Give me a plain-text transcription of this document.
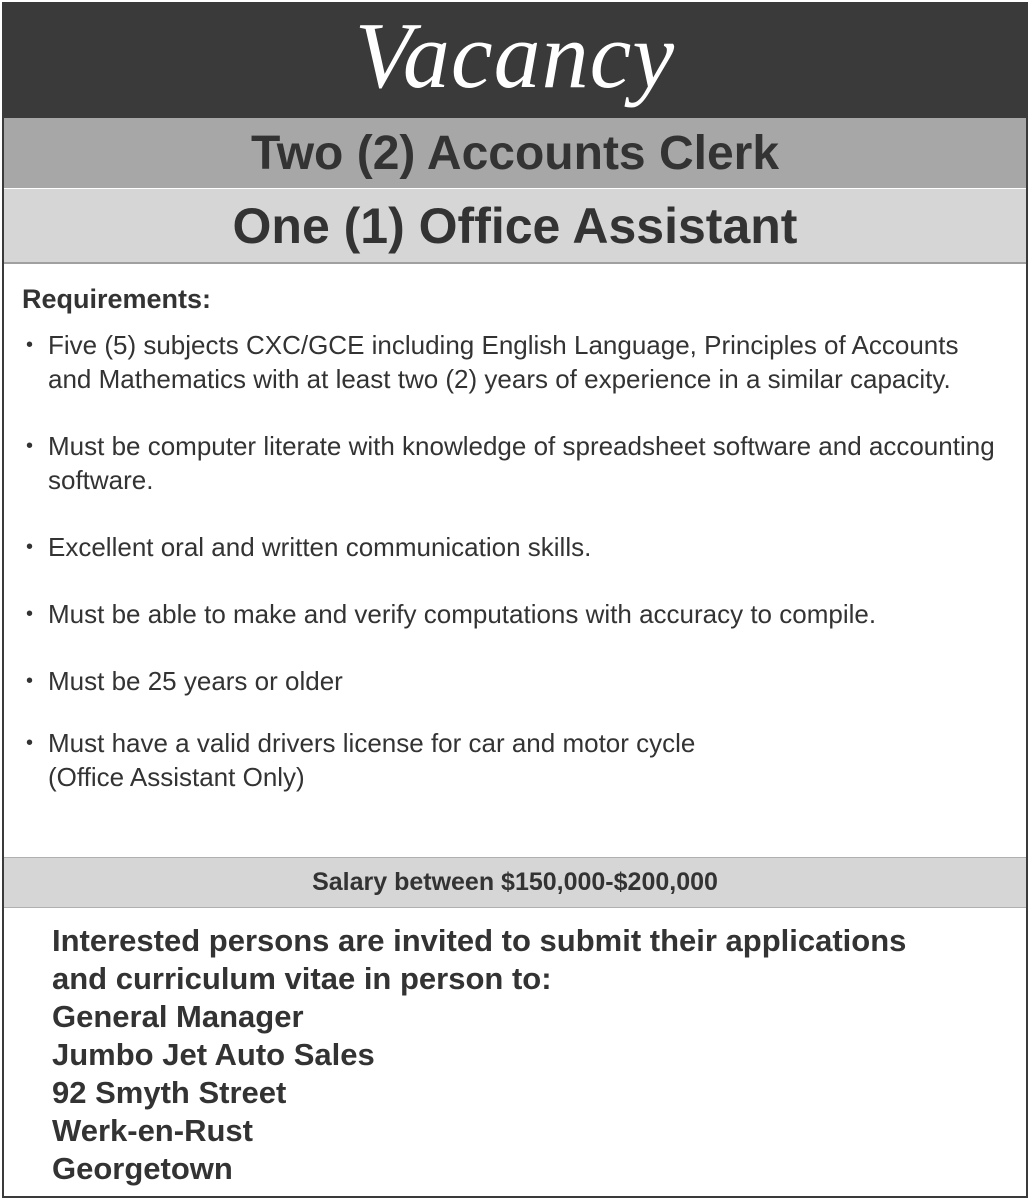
Vacancy
Two (2) Accounts Clerk
One (1) Office Assistant
Requirements:
• Five (5) subjects CXC/GCE including English Language, Principles of Accounts and Mathematics with at least two (2) years of experience in a similar capacity.
• Must be computer literate with knowledge of spreadsheet software and accounting software.
• Excellent oral and written communication skills.
• Must be able to make and verify computations with accuracy to compile.
• Must be 25 years or older
• Must have a valid drivers license for car and motor cycle
(Office Assistant Only)
Salary between $150,000-$200,000
Interested persons are invited to submit their applications
and curriculum vitae in person to:
General Manager
Jumbo Jet Auto Sales
92 Smyth Street
Werk-en-Rust
Georgetown
